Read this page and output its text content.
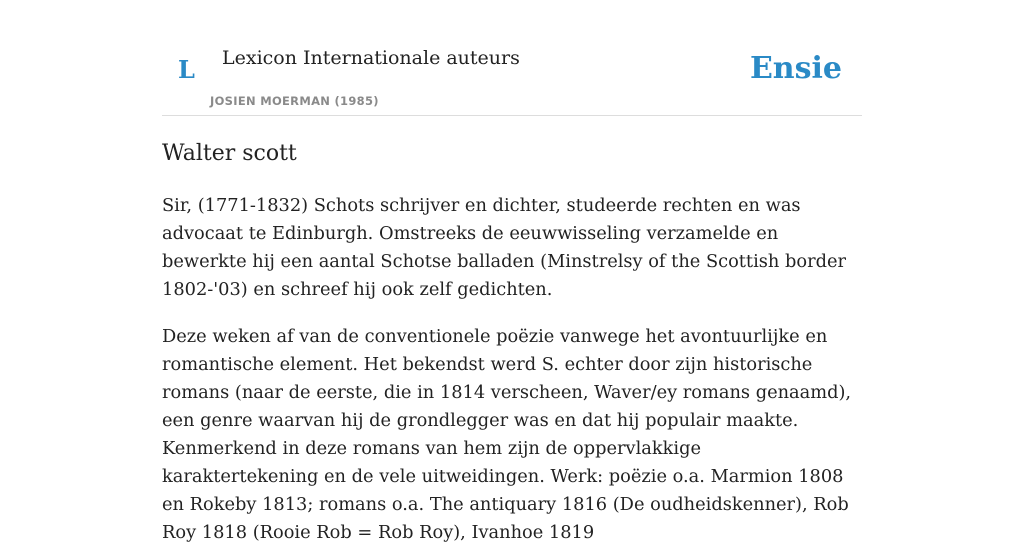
L Lexicon Internationale auteurs
JOSIEN MOERMAN (1985)
Ensie
Walter scott

Sir, (1771-1832) Schots schrijver en dichter, studeerde rechten en was advocaat te Edinburgh. Omstreeks de eeuwwisseling verzamelde en bewerkte hij een aantal Schotse balladen (Minstrelsy of the Scottish border 1802-'03) en schreef hij ook zelf gedichten.

Deze weken af van de conventionele poëzie vanwege het avontuurlijke en romantische element. Het bekendst werd S. echter door zijn historische romans (naar de eerste, die in 1814 verscheen, Waver/ey romans genaamd), een genre waarvan hij de grondlegger was en dat hij populair maakte. Kenmerkend in deze romans van hem zijn de oppervlakkige karaktertekening en de vele uitweidingen. Werk: poëzie o.a. Marmion 1808 en Rokeby 1813; romans o.a. The antiquary 1816 (De oudheidskenner), Rob Roy 1818 (Rooie Rob = Rob Roy), Ivanhoe 1819
